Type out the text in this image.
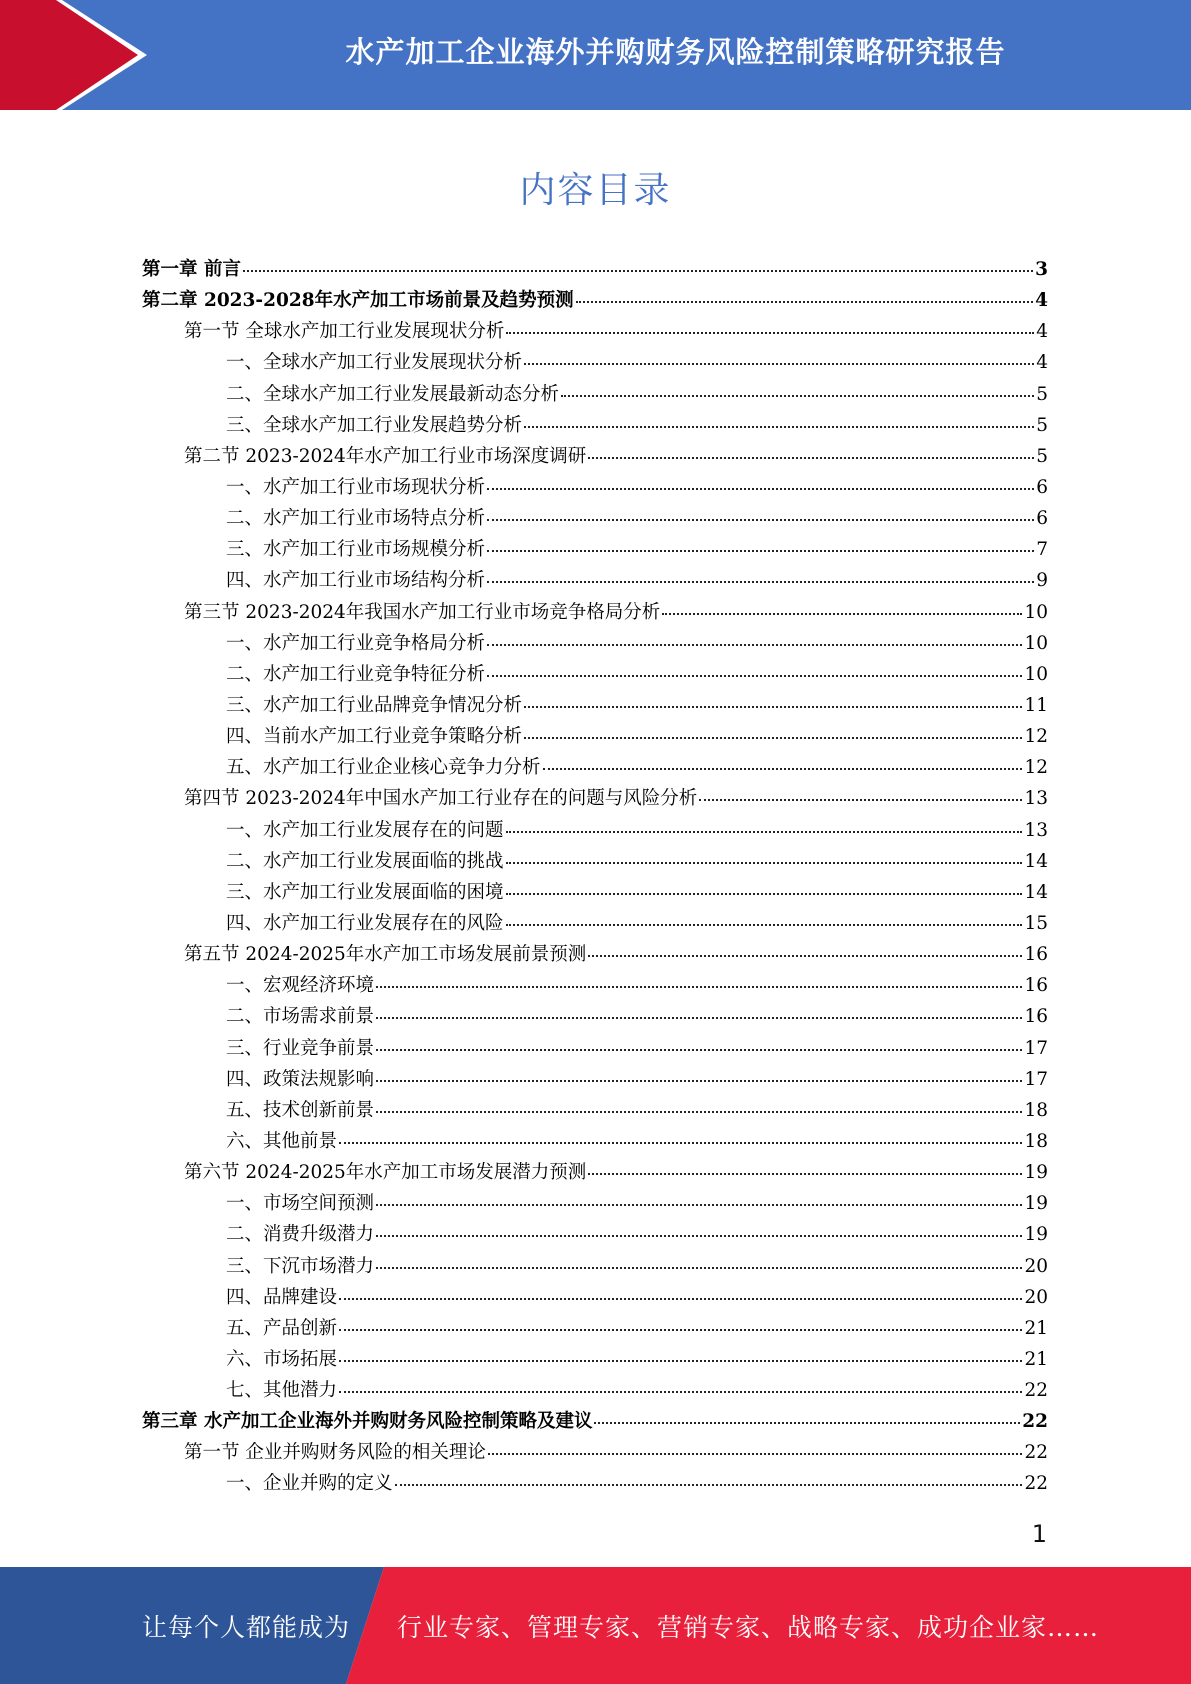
水产加工企业海外并购财务风险控制策略研究报告
内容目录
第一章 前言	3
第二章 2023-2028年水产加工市场前景及趋势预测	4
第一节 全球水产加工行业发展现状分析	4
一、全球水产加工行业发展现状分析	4
二、全球水产加工行业发展最新动态分析	5
三、全球水产加工行业发展趋势分析	5
第二节 2023-2024年水产加工行业市场深度调研	5
一、水产加工行业市场现状分析	6
二、水产加工行业市场特点分析	6
三、水产加工行业市场规模分析	7
四、水产加工行业市场结构分析	9
第三节 2023-2024年我国水产加工行业市场竞争格局分析	10
一、水产加工行业竞争格局分析	10
二、水产加工行业竞争特征分析	10
三、水产加工行业品牌竞争情况分析	11
四、当前水产加工行业竞争策略分析	12
五、水产加工行业企业核心竞争力分析	12
第四节 2023-2024年中国水产加工行业存在的问题与风险分析	13
一、水产加工行业发展存在的问题	13
二、水产加工行业发展面临的挑战	14
三、水产加工行业发展面临的困境	14
四、水产加工行业发展存在的风险	15
第五节 2024-2025年水产加工市场发展前景预测	16
一、宏观经济环境	16
二、市场需求前景	16
三、行业竞争前景	17
四、政策法规影响	17
五、技术创新前景	18
六、其他前景	18
第六节 2024-2025年水产加工市场发展潜力预测	19
一、市场空间预测	19
二、消费升级潜力	19
三、下沉市场潜力	20
四、品牌建设	20
五、产品创新	21
六、市场拓展	21
七、其他潜力	22
第三章 水产加工企业海外并购财务风险控制策略及建议	22
第一节 企业并购财务风险的相关理论	22
一、企业并购的定义	22
1
让每个人都能成为 行业专家、管理专家、营销专家、战略专家、成功企业家……
